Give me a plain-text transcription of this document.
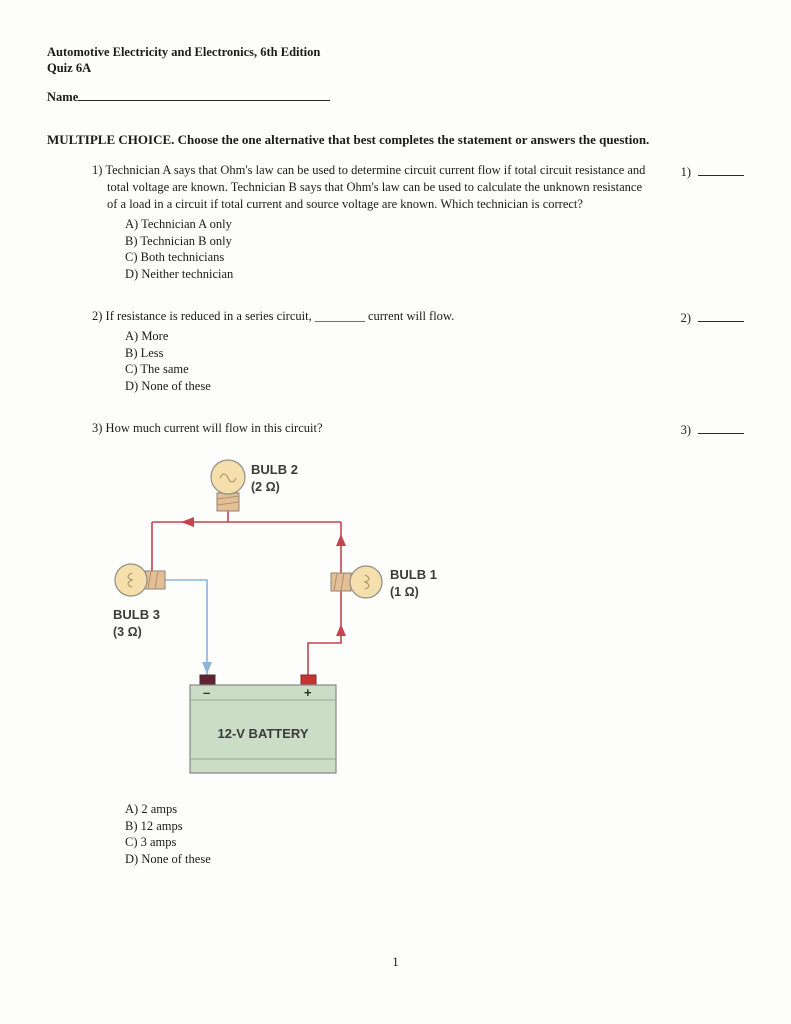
Automotive Electricity and Electronics, 6th Edition
Quiz 6A
Name
MULTIPLE CHOICE. Choose the one alternative that best completes the statement or answers the question.
1) Technician A says that Ohm's law can be used to determine circuit current flow if total circuit resistance and total voltage are known. Technician B says that Ohm's law can be used to calculate the unknown resistance of a load in a circuit if total current and source voltage are known. Which technician is correct?
A) Technician A only
B) Technician B only
C) Both technicians
D) Neither technician
1)
2) If resistance is reduced in a series circuit, ________ current will flow.
A) More
B) Less
C) The same
D) None of these
2)
3) How much current will flow in this circuit?
BULB 2
(2 Ω)
BULB 3
(3 Ω)
BULB 1
(1 Ω)
–	+
12-V BATTERY
A) 2 amps
B) 12 amps
C) 3 amps
D) None of these
3)
1
